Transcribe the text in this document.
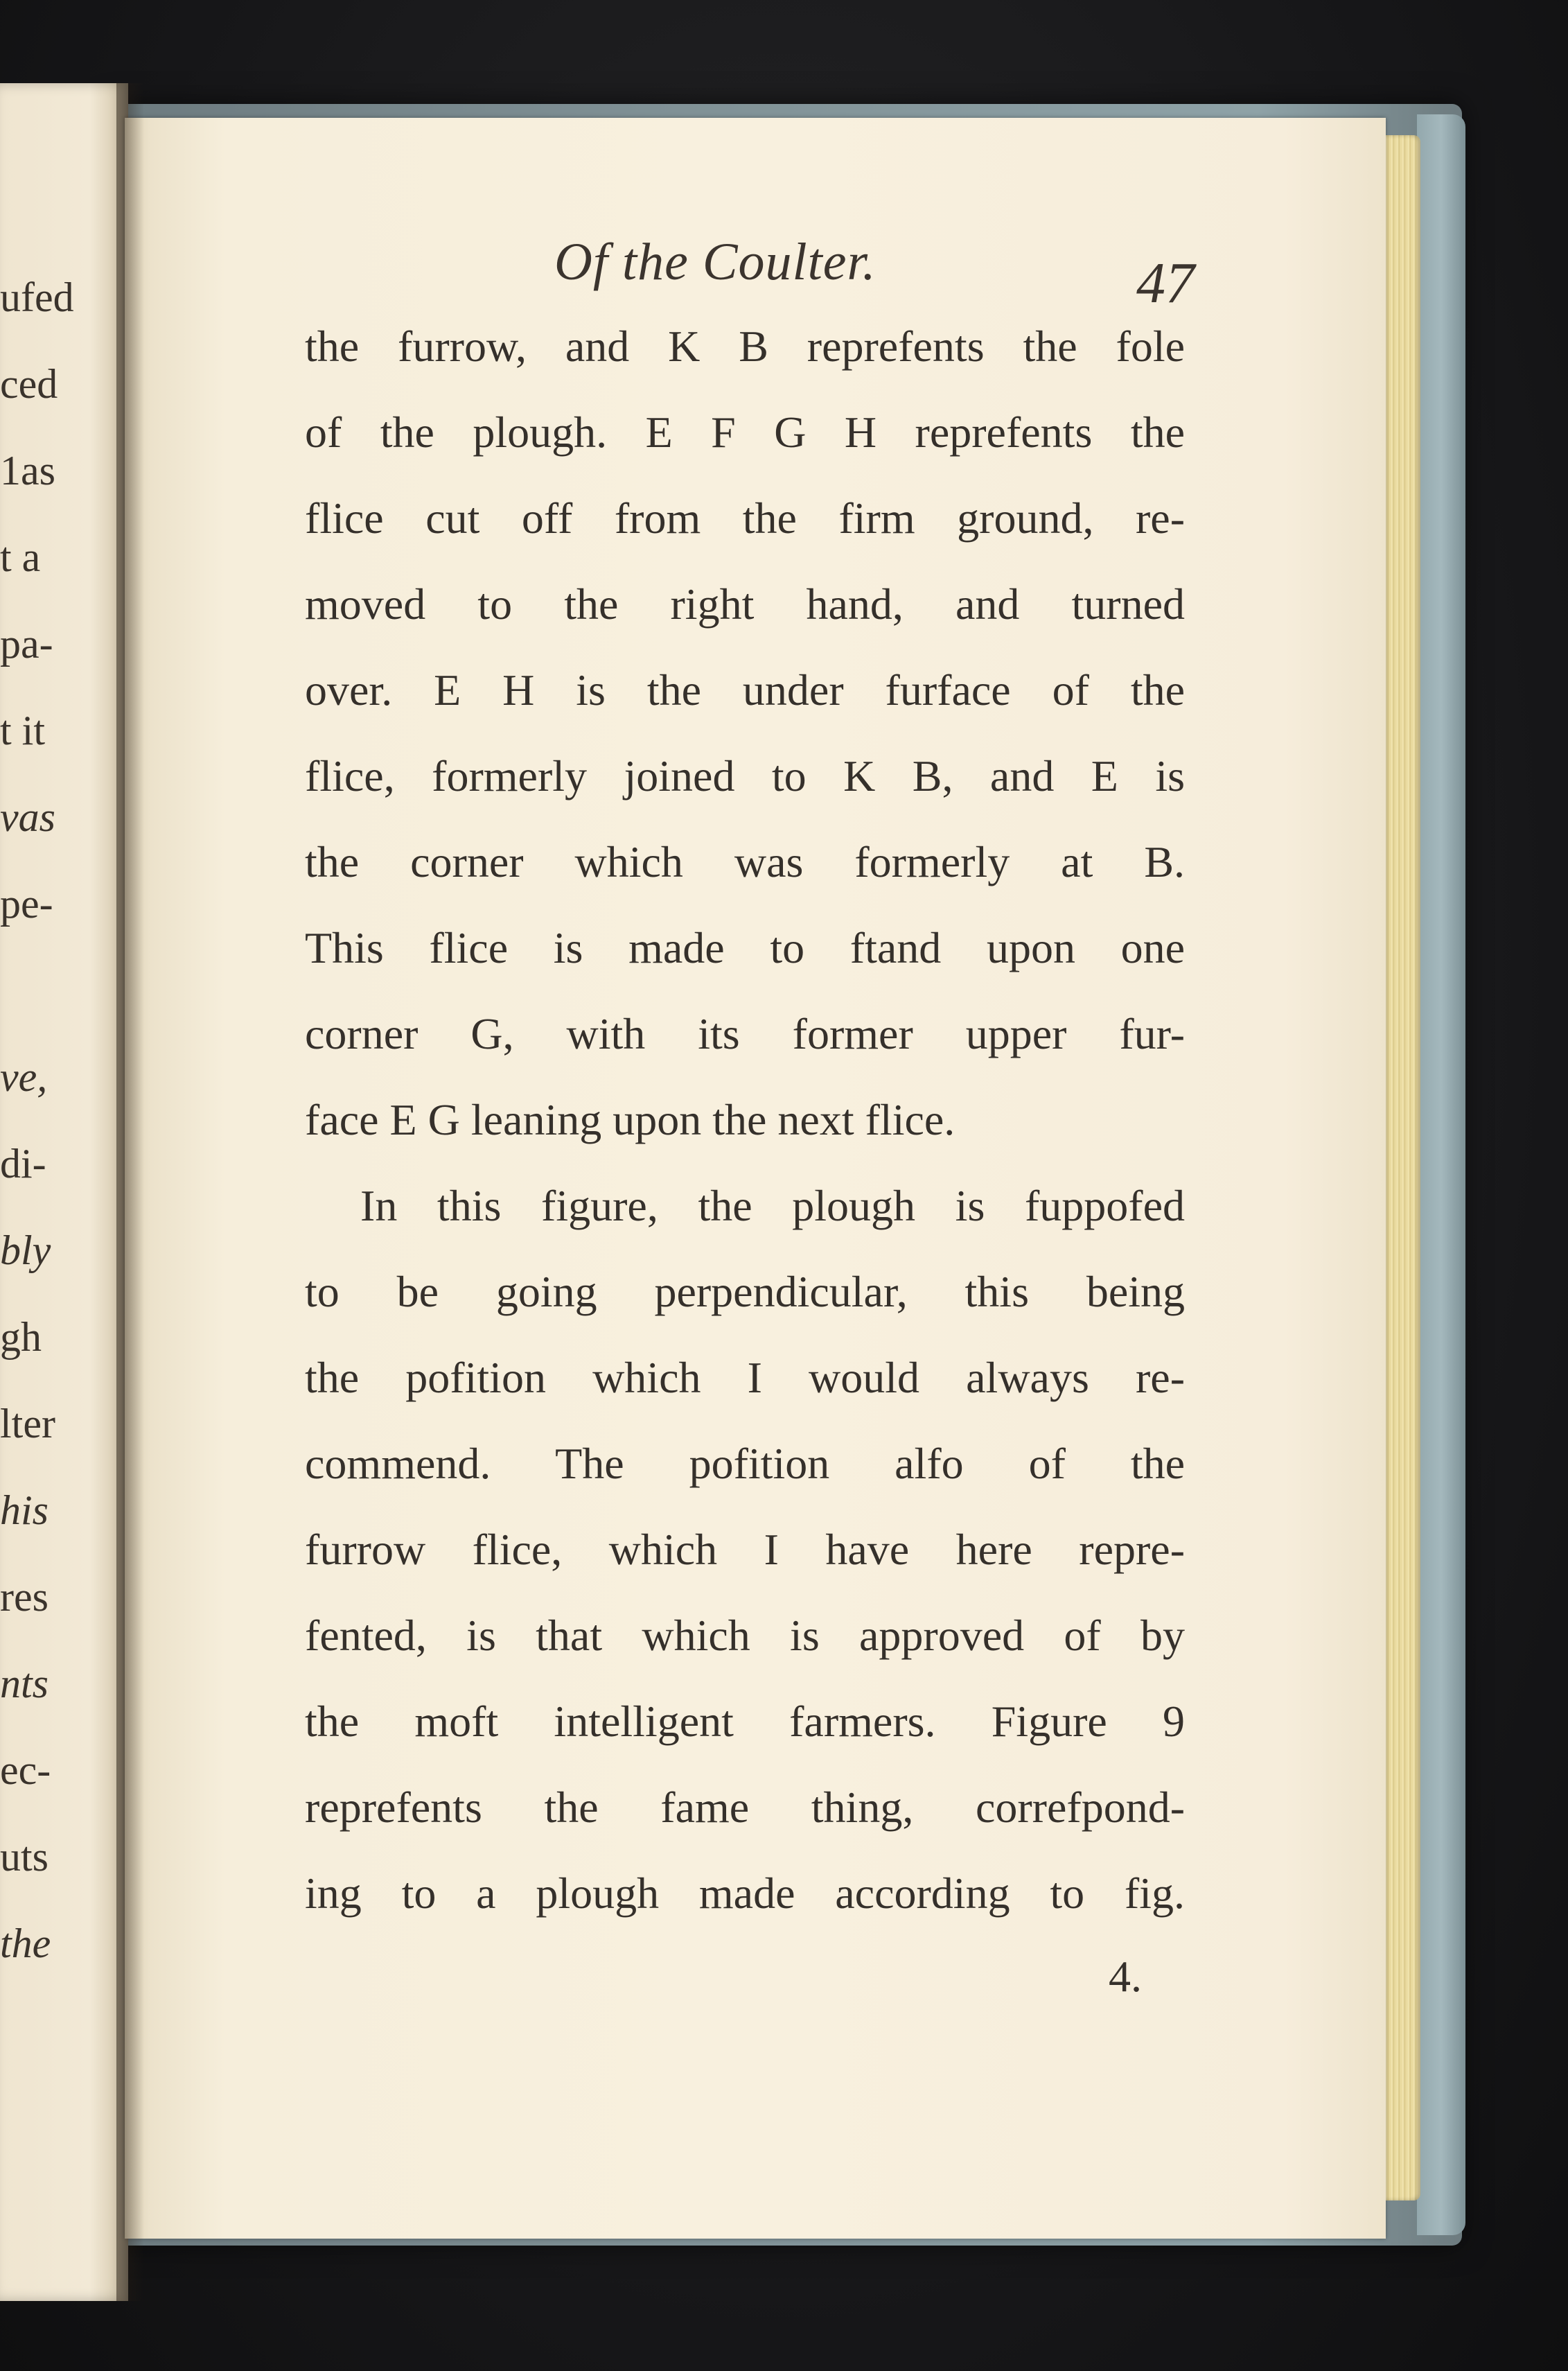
ufed
ced
1as
t a
pa-
t it
vas
pe-
ve,
di-
bly
gh
lter
his
res
nts
ec-
uts
the
Of the Coulter.	47
the furrow, and K B reprefents the fole
of the plough. E F G H reprefents the
flice cut off from the firm ground, re-
moved to the right hand, and turned
over. E H is the under furface of the
flice, formerly joined to K B, and E is
the corner which was formerly at B.
This flice is made to ftand upon one
corner G, with its former upper fur-
face E G leaning upon the next flice.
In this figure, the plough is fuppofed
to be going perpendicular, this being
the pofition which I would always re-
commend. The pofition alfo of the
furrow flice, which I have here repre-
fented, is that which is approved of by
the moft intelligent farmers. Figure 9
reprefents the fame thing, correfpond-
ing to a plough made according to fig.
4.
